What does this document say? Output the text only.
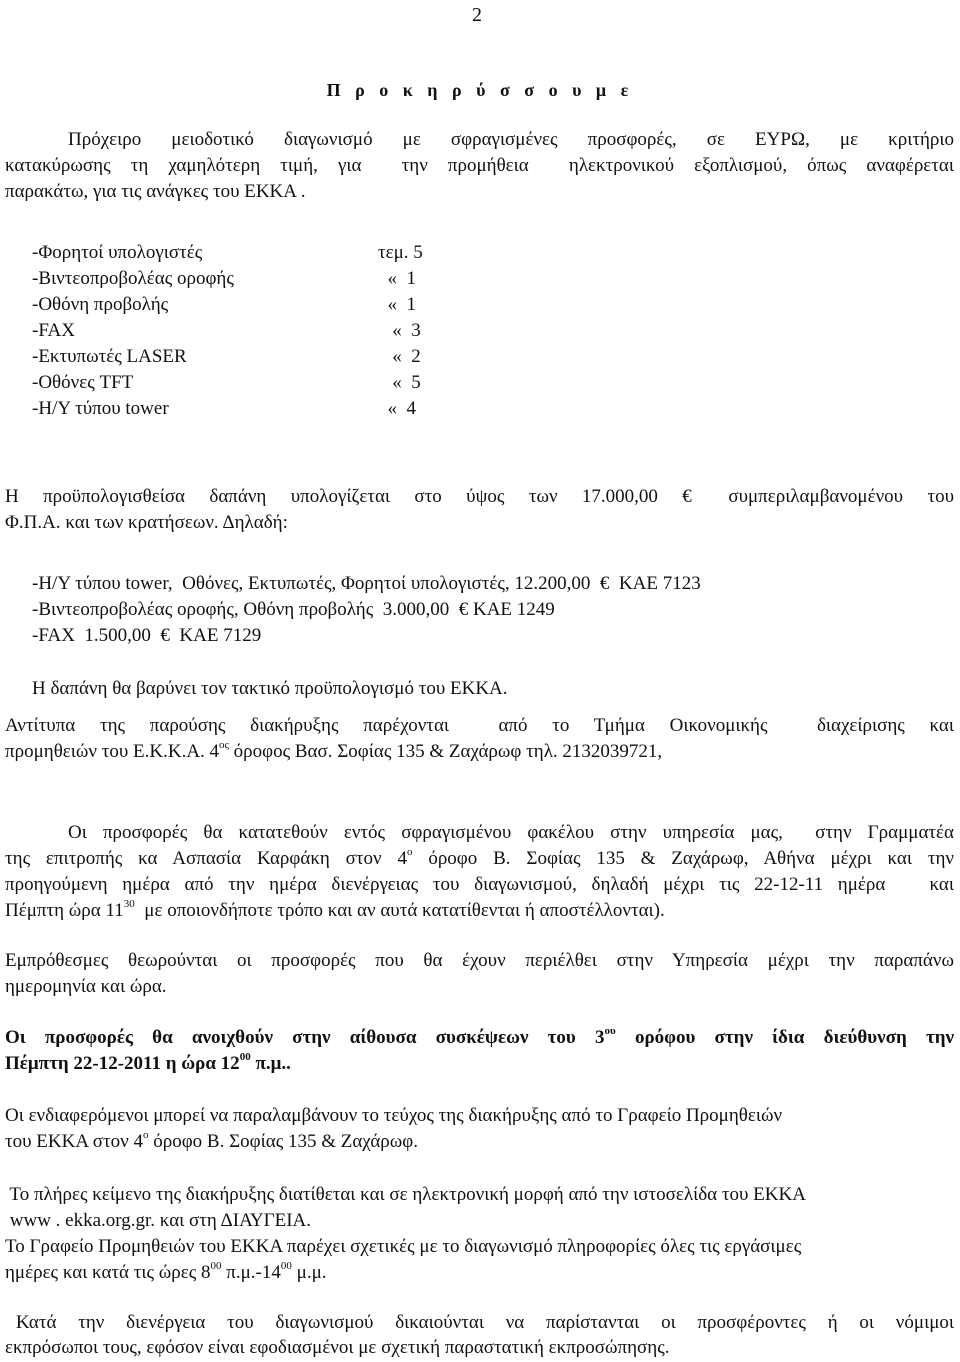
2
Π ρ ο κ η ρ ύ σ σ ο υ μ ε
Πρόχειρο  μειοδοτικό  διαγωνισμό  με  σφραγισμένες  προσφορές,  σε  ΕΥΡΩ,  με  κριτήριο
κατακύρωσης τη χαμηλότερη τιμή, για  την προμήθεια  ηλεκτρονικού εξοπλισμού, όπως αναφέρεται
παρακάτω, για τις ανάγκες του ΕΚΚΑ .
-Φορητοί υπολογιστές	τεμ. 5
-Βιντεοπροβολέας οροφής	«  1
-Οθόνη προβολής	«  1
-FAX	«  3
-Εκτυπωτές LASER	«  2
-Οθόνες TFT	«  5
-Η/Υ τύπου tower	«  4
Η  προϋπολογισθείσα  δαπάνη  υπολογίζεται  στο  ύψος  των  17.000,00  €   συμπεριλαμβανομένου  του
Φ.Π.Α. και των κρατήσεων. Δηλαδή:
-Η/Υ τύπου tower,  Οθόνες, Εκτυπωτές, Φορητοί υπολογιστές, 12.200,00  €  ΚΑΕ 7123
-Βιντεοπροβολέας οροφής, Οθόνη προβολής  3.000,00  € ΚΑΕ 1249
-FAX  1.500,00  €  ΚΑΕ 7129
Η δαπάνη θα βαρύνει τον τακτικό προϋπολογισμό του ΕΚΚΑ.
Αντίτυπα  της  παρούσης  διακήρυξης  παρέχονται    από  το  Τμήμα  Οικονομικής    διαχείρισης  και
προμηθειών του Ε.Κ.Κ.Α. $4^{o\varsigma}$ όροφος Βασ. Σοφίας 135 & Ζαχάρωφ τηλ. 2132039721,
Οι προσφορές θα κατατεθούν εντός σφραγισμένου φακέλου στην υπηρεσία μας,  στην Γραμματέα
της επιτροπής κα Ασπασία Καρφάκη στον $4^o$ όροφο Β. Σοφίας 135 & Ζαχάρωφ, Αθήνα μέχρι και την
προηγούμενη ημέρα από την ημέρα διενέργειας του διαγωνισμού, δηλαδή μέχρι τις 22-12-11 ημέρα   και
Πέμπτη ώρα $11^{30}$  με οποιονδήποτε τρόπο και αν αυτά κατατίθενται ή αποστέλλονται).
Εμπρόθεσμες θεωρούνται οι προσφορές που θα έχουν περιέλθει στην Υπηρεσία μέχρι την παραπάνω
ημερομηνία και ώρα.
Οι προσφορές θα ανοιχθούν στην αίθουσα συσκέψεων του $3^{o\upsilon}$ ορόφου στην ίδια διεύθυνση την
Πέμπτη 22-12-2011 η ώρα $12^{00}$ π.μ..
Οι ενδιαφερόμενοι μπορεί να παραλαμβάνουν το τεύχος της διακήρυξης από το Γραφείο Προμηθειών
του ΕΚΚΑ στον $4^o$ όροφο Β. Σοφίας 135 & Ζαχάρωφ.
Το πλήρες κείμενο της διακήρυξης διατίθεται και σε ηλεκτρονική μορφή από την ιστοσελίδα του ΕΚΚΑ
www . ekka.org.gr. και στη ΔΙΑΥΓΕΙΑ.
Το Γραφείο Προμηθειών του ΕΚΚΑ παρέχει σχετικές με το διαγωνισμό πληροφορίες όλες τις εργάσιμες
ημέρες και κατά τις ώρες $8^{00}$ $\pi.\mu.-14^{00}$ μ.μ.
Κατά  την  διενέργεια  του  διαγωνισμού  δικαιούνται  να  παρίστανται  οι  προσφέροντες  ή  οι  νόμιμοι
εκπρόσωποι τους, εφόσον είναι εφοδιασμένοι με σχετική παραστατική εκπροσώπησης.
